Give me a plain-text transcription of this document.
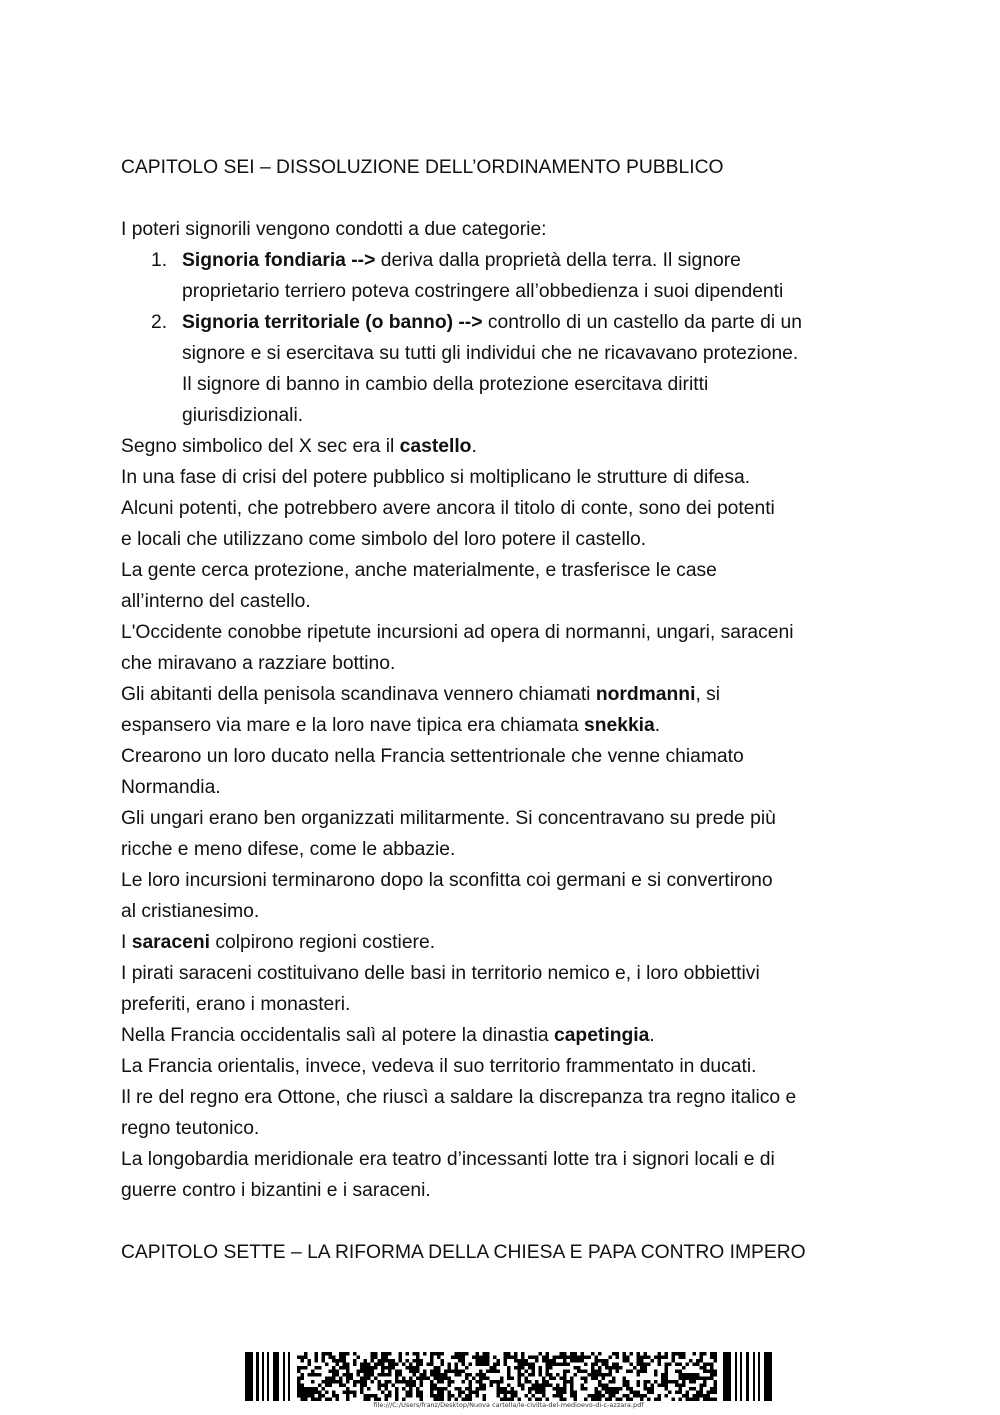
CAPITOLO SEI – DISSOLUZIONE DELL’ORDINAMENTO PUBBLICO
I poteri signorili vengono condotti a due categorie:
1. Signoria fondiaria --> deriva dalla proprietà della terra. Il signore
proprietario terriero poteva costringere all’obbedienza i suoi dipendenti
2. Signoria territoriale (o banno) --> controllo di un castello da parte di un
signore e si esercitava su tutti gli individui che ne ricavavano protezione.
Il signore di banno in cambio della protezione esercitava diritti
giurisdizionali.
Segno simbolico del X sec era il castello.
In una fase di crisi del potere pubblico si moltiplicano le strutture di difesa.
Alcuni potenti, che potrebbero avere ancora il titolo di conte, sono dei potenti
e locali che utilizzano come simbolo del loro potere il castello.
La gente cerca protezione, anche materialmente, e trasferisce le case
all’interno del castello.
L'Occidente conobbe ripetute incursioni ad opera di normanni, ungari, saraceni
che miravano a razziare bottino.
Gli abitanti della penisola scandinava vennero chiamati nordmanni, si
espansero via mare e la loro nave tipica era chiamata snekkia.
Crearono un loro ducato nella Francia settentrionale che venne chiamato
Normandia.
Gli ungari erano ben organizzati militarmente. Si concentravano su prede più
ricche e meno difese, come le abbazie.
Le loro incursioni terminarono dopo la sconfitta coi germani e si convertirono
al cristianesimo.
I saraceni colpirono regioni costiere.
I pirati saraceni costituivano delle basi in territorio nemico e, i loro obbiettivi
preferiti, erano i monasteri.
Nella Francia occidentalis salì al potere la dinastia capetingia.
La Francia orientalis, invece, vedeva il suo territorio frammentato in ducati.
Il re del regno era Ottone, che riuscì a saldare la discrepanza tra regno italico e
regno teutonico.
La longobardia meridionale era teatro d’incessanti lotte tra i signori locali e di
guerre contro i bizantini e i saraceni.
CAPITOLO SETTE – LA RIFORMA DELLA CHIESA E PAPA CONTRO IMPERO
file:///C:/Users/franz/Desktop/Nuova cartella/le-civilta-del-medioevo-di-c-azzara.pdf
